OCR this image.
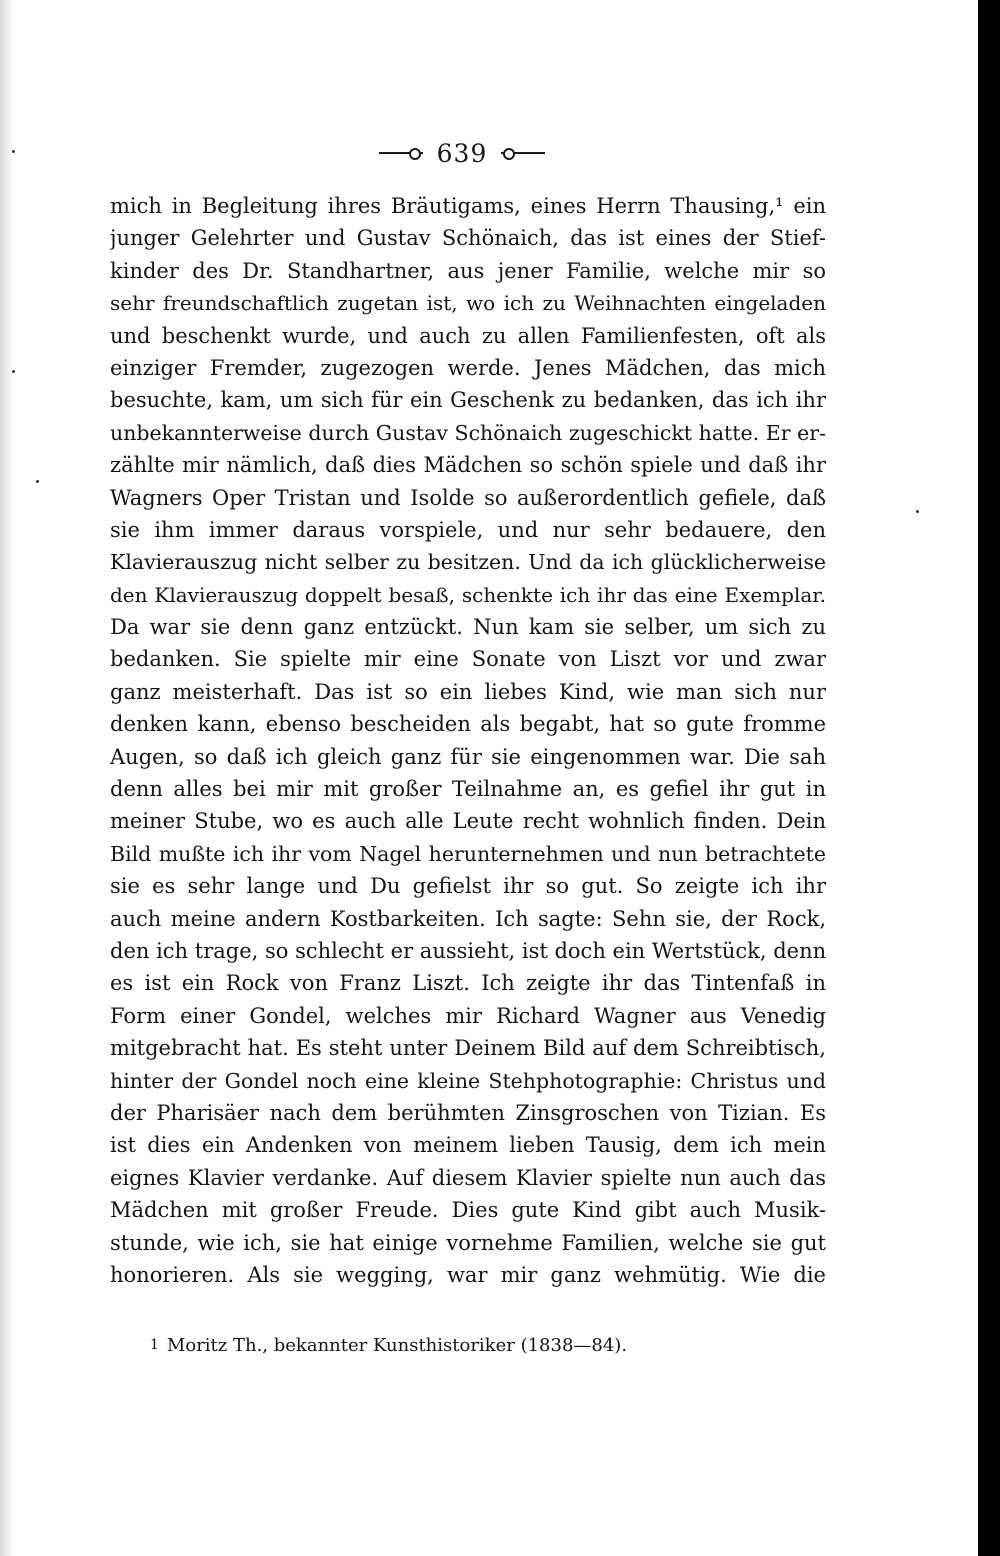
639
mich in Begleitung ihres Bräutigams, eines Herrn Thausing,¹ ein
junger Gelehrter und Gustav Schönaich, das ist eines der Stief-
kinder des Dr. Standhartner, aus jener Familie, welche mir so
sehr freundschaftlich zugetan ist, wo ich zu Weihnachten eingeladen
und beschenkt wurde, und auch zu allen Familienfesten, oft als
einziger Fremder, zugezogen werde. Jenes Mädchen, das mich
besuchte, kam, um sich für ein Geschenk zu bedanken, das ich ihr
unbekannterweise durch Gustav Schönaich zugeschickt hatte. Er er-
zählte mir nämlich, daß dies Mädchen so schön spiele und daß ihr
Wagners Oper Tristan und Isolde so außerordentlich gefiele, daß
sie ihm immer daraus vorspiele, und nur sehr bedauere, den
Klavierauszug nicht selber zu besitzen. Und da ich glücklicherweise
den Klavierauszug doppelt besaß, schenkte ich ihr das eine Exemplar.
Da war sie denn ganz entzückt. Nun kam sie selber, um sich zu
bedanken. Sie spielte mir eine Sonate von Liszt vor und zwar
ganz meisterhaft. Das ist so ein liebes Kind, wie man sich nur
denken kann, ebenso bescheiden als begabt, hat so gute fromme
Augen, so daß ich gleich ganz für sie eingenommen war. Die sah
denn alles bei mir mit großer Teilnahme an, es gefiel ihr gut in
meiner Stube, wo es auch alle Leute recht wohnlich finden. Dein
Bild mußte ich ihr vom Nagel herunternehmen und nun betrachtete
sie es sehr lange und Du gefielst ihr so gut. So zeigte ich ihr
auch meine andern Kostbarkeiten. Ich sagte: Sehn sie, der Rock,
den ich trage, so schlecht er aussieht, ist doch ein Wertstück, denn
es ist ein Rock von Franz Liszt. Ich zeigte ihr das Tintenfaß in
Form einer Gondel, welches mir Richard Wagner aus Venedig
mitgebracht hat. Es steht unter Deinem Bild auf dem Schreibtisch,
hinter der Gondel noch eine kleine Stehphotographie: Christus und
der Pharisäer nach dem berühmten Zinsgroschen von Tizian. Es
ist dies ein Andenken von meinem lieben Tausig, dem ich mein
eignes Klavier verdanke. Auf diesem Klavier spielte nun auch das
Mädchen mit großer Freude. Dies gute Kind gibt auch Musik-
stunde, wie ich, sie hat einige vornehme Familien, welche sie gut
honorieren. Als sie wegging, war mir ganz wehmütig. Wie die
1 Moritz Th., bekannter Kunsthistoriker (1838—84).
